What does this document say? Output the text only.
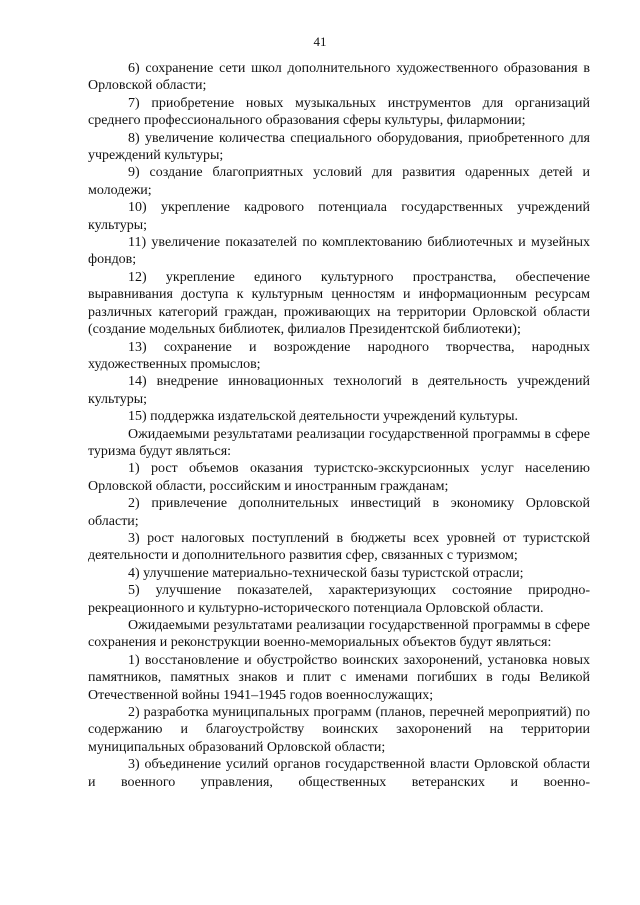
41

6) сохранение сети школ дополнительного художественного образования в Орловской области;

7) приобретение новых музыкальных инструментов для организаций среднего профессионального образования сферы культуры, филармонии;

8) увеличение количества специального оборудования, приобретенного для учреждений культуры;

9) создание благоприятных условий для развития одаренных детей и молодежи;

10) укрепление кадрового потенциала государственных учреждений культуры;

11) увеличение показателей по комплектованию библиотечных и музейных фондов;

12) укрепление единого культурного пространства, обеспечение выравнивания доступа к культурным ценностям и информационным ресурсам различных категорий граждан, проживающих на территории Орловской области (создание модельных библиотек, филиалов Президентской библиотеки);

13) сохранение и возрождение народного творчества, народных художественных промыслов;

14) внедрение инновационных технологий в деятельность учреждений культуры;

15) поддержка издательской деятельности учреждений культуры.

Ожидаемыми результатами реализации государственной программы в сфере туризма будут являться:

1) рост объемов оказания туристско-экскурсионных услуг населению Орловской области, российским и иностранным гражданам;

2) привлечение дополнительных инвестиций в экономику Орловской области;

3) рост налоговых поступлений в бюджеты всех уровней от туристской деятельности и дополнительного развития сфер, связанных с туризмом;

4) улучшение материально-технической базы туристской отрасли;

5) улучшение показателей, характеризующих состояние природно-рекреационного и культурно-исторического потенциала Орловской области.

Ожидаемыми результатами реализации государственной программы в сфере сохранения и реконструкции военно-мемориальных объектов будут являться:

1) восстановление и обустройство воинских захоронений, установка новых памятников, памятных знаков и плит с именами погибших в годы Великой Отечественной войны 1941–1945 годов военнослужащих;

2) разработка муниципальных программ (планов, перечней мероприятий) по содержанию и благоустройству воинских захоронений на территории муниципальных образований Орловской области;

3) объединение усилий органов государственной власти Орловской области и военного управления, общественных ветеранских и военно-
